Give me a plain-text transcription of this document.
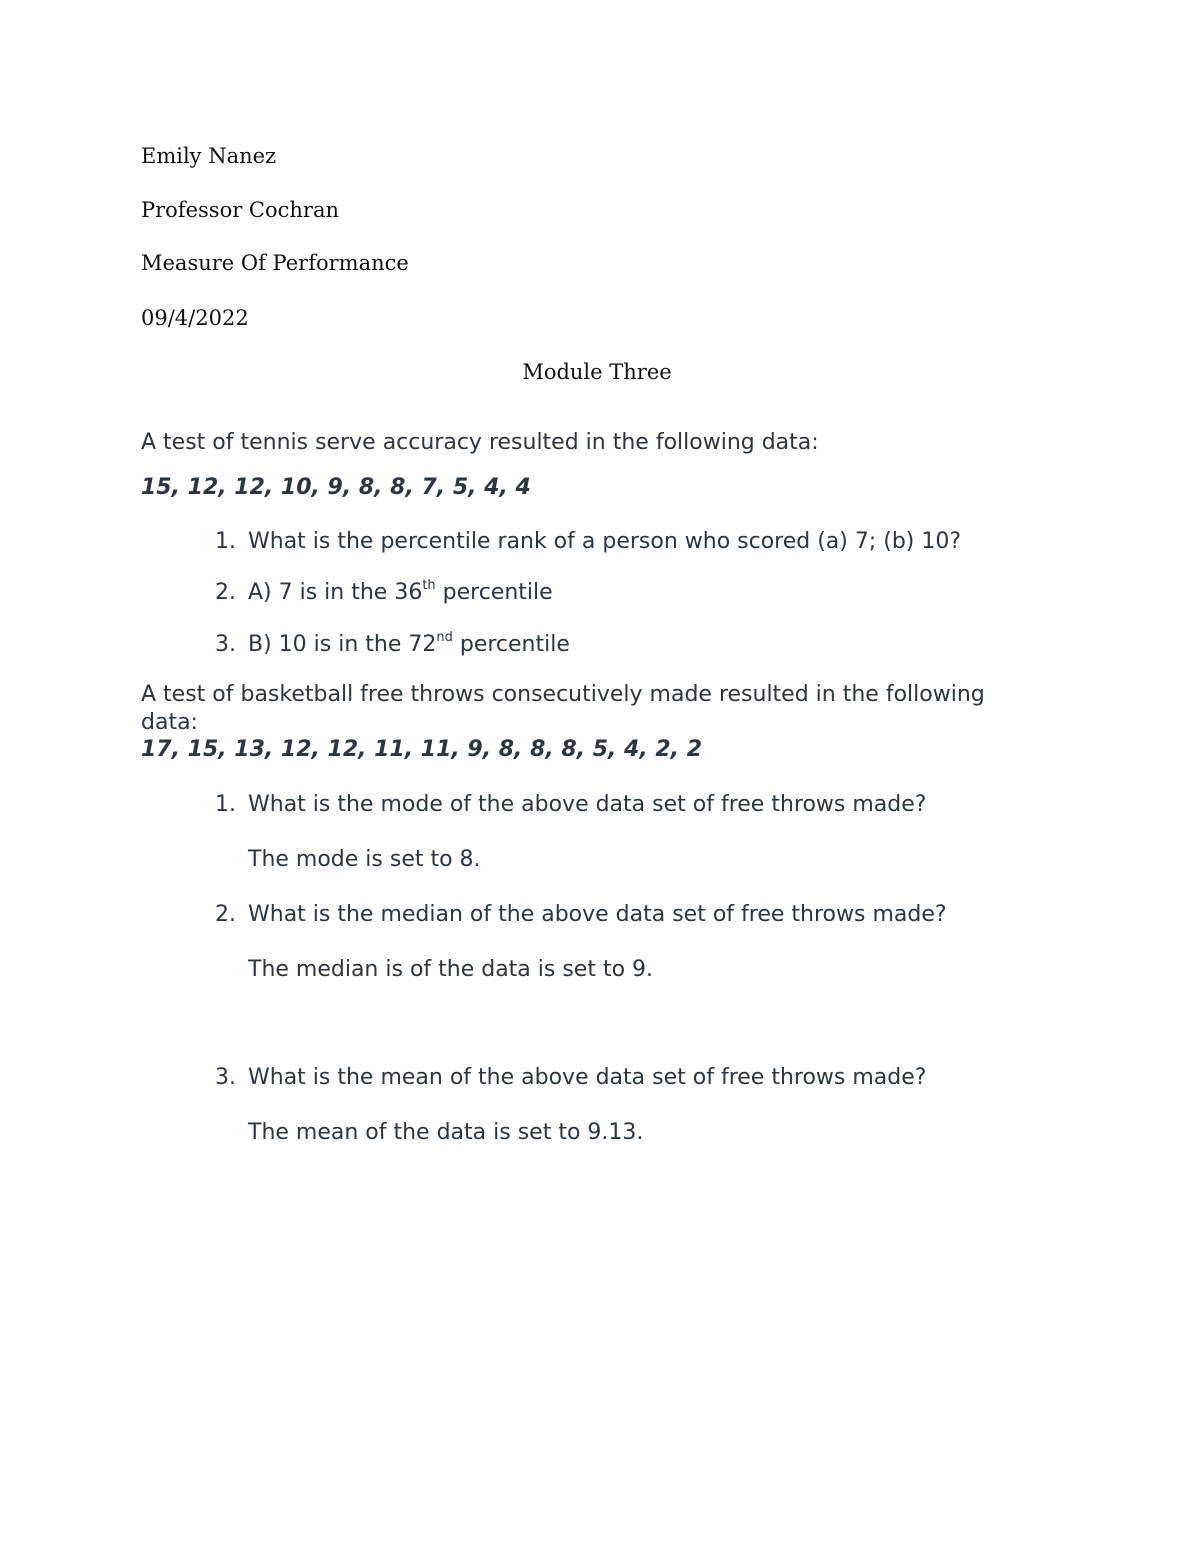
Emily Nanez
Professor Cochran
Measure Of Performance
09/4/2022
Module Three
A test of tennis serve accuracy resulted in the following data:
15, 12, 12, 10, 9, 8, 8, 7, 5, 4, 4
1. What is the percentile rank of a person who scored (a) 7; (b) 10?
2. A) 7 is in the 36th percentile
3. B) 10 is in the 72nd percentile
A test of basketball free throws consecutively made resulted in the following
data:
17, 15, 13, 12, 12, 11, 11, 9, 8, 8, 8, 5, 4, 2, 2
1. What is the mode of the above data set of free throws made?
The mode is set to 8.
2. What is the median of the above data set of free throws made?
The median is of the data is set to 9.
3. What is the mean of the above data set of free throws made?
The mean of the data is set to 9.13.
